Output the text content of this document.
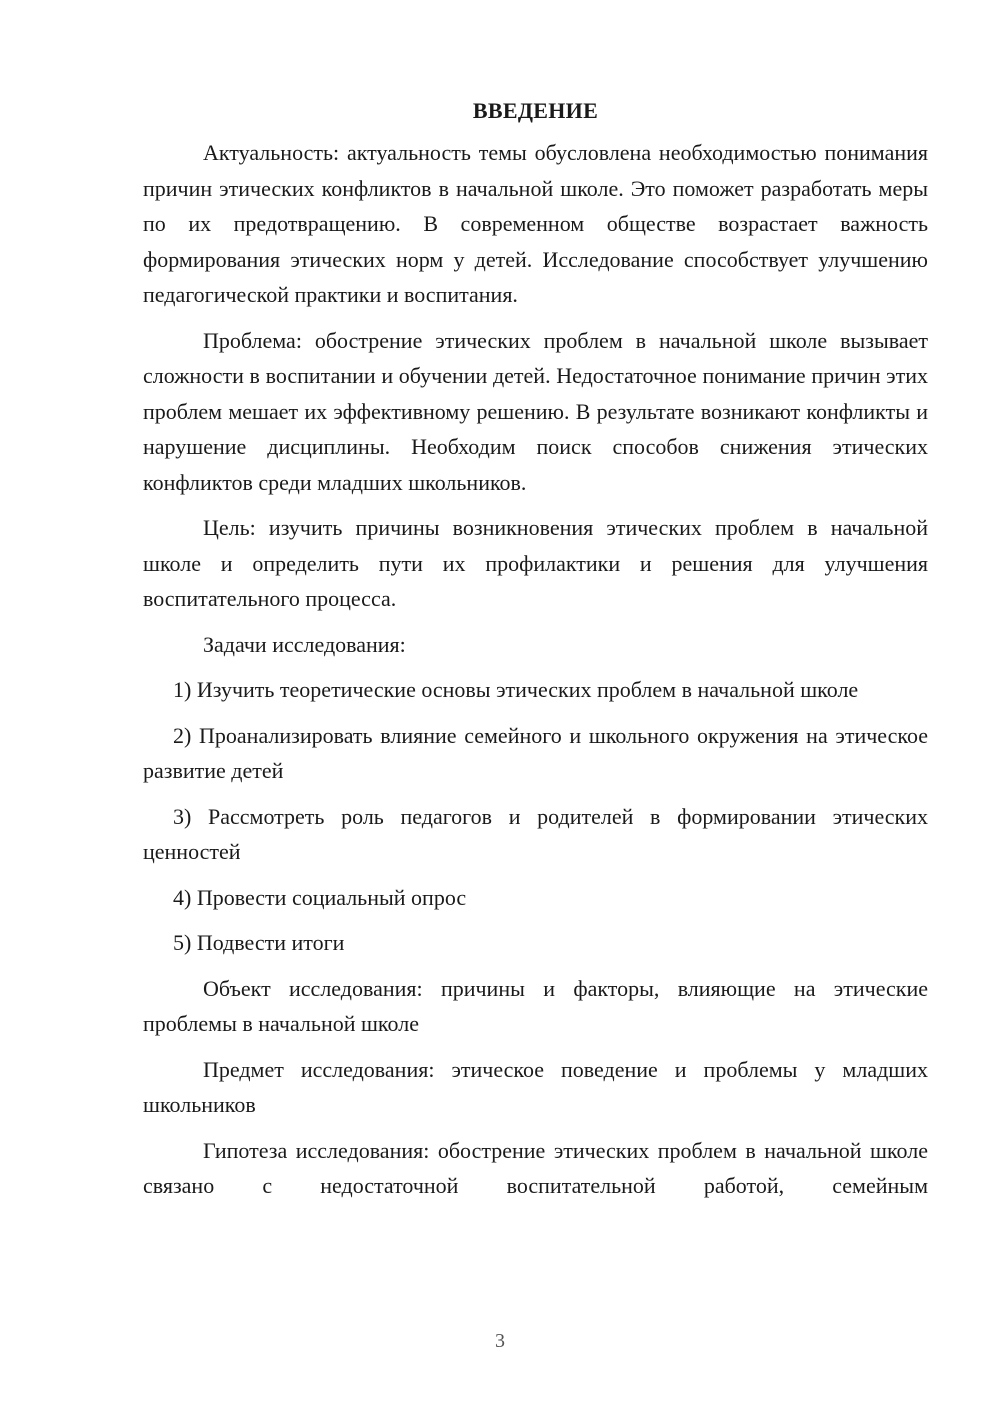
ВВЕДЕНИЕ

Актуальность: актуальность темы обусловлена необходимостью понимания причин этических конфликтов в начальной школе. Это поможет разработать меры по их предотвращению. В современном обществе возрастает важность формирования этических норм у детей. Исследование способствует улучшению педагогической практики и воспитания.

Проблема: обострение этических проблем в начальной школе вызывает сложности в воспитании и обучении детей. Недостаточное понимание причин этих проблем мешает их эффективному решению. В результате возникают конфликты и нарушение дисциплины. Необходим поиск способов снижения этических конфликтов среди младших школьников.

Цель: изучить причины возникновения этических проблем в начальной школе и определить пути их профилактики и решения для улучшения воспитательного процесса.

Задачи исследования:

1) Изучить теоретические основы этических проблем в начальной школе

2) Проанализировать влияние семейного и школьного окружения на этическое развитие детей

3) Рассмотреть роль педагогов и родителей в формировании этических ценностей

4) Провести социальный опрос

5) Подвести итоги

Объект исследования: причины и факторы, влияющие на этические проблемы в начальной школе

Предмет исследования: этическое поведение и проблемы у младших школьников

Гипотеза исследования: обострение этических проблем в начальной школе связано с недостаточной воспитательной работой, семейным

3
